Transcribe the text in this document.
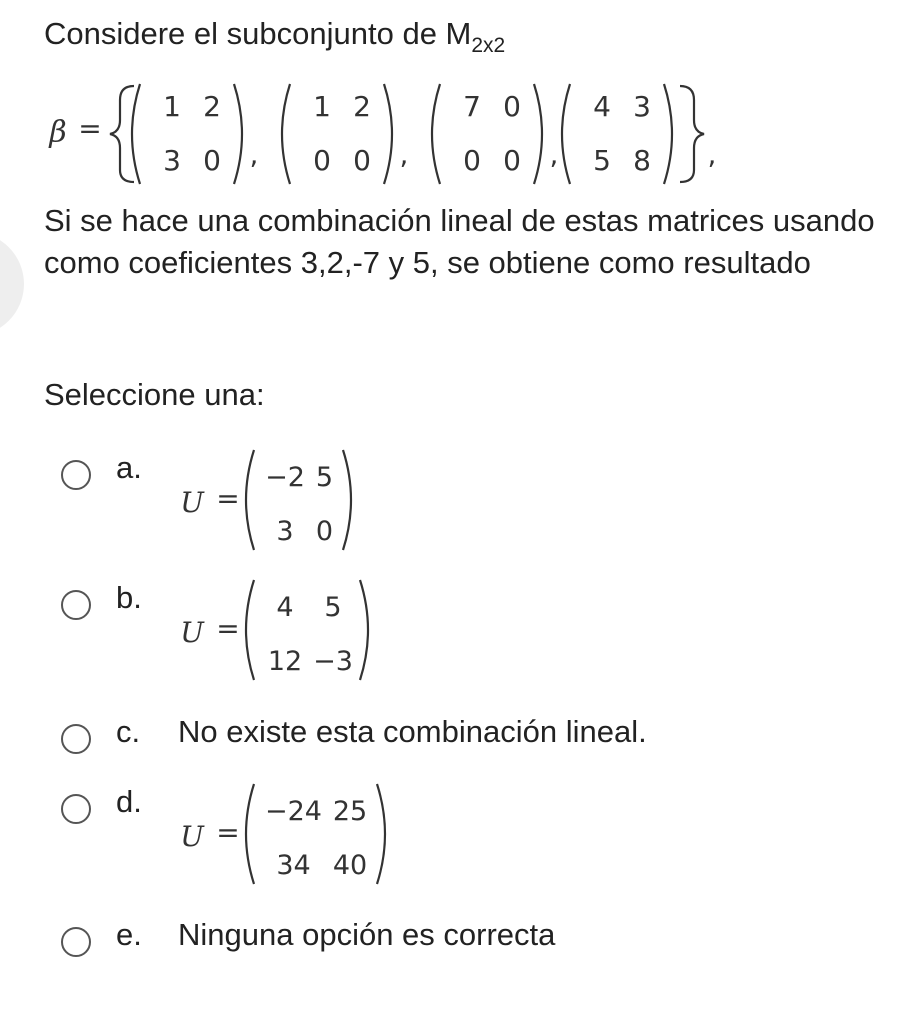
Considere el subconjunto de $M_{2x2}$
β =
1 2
3 0 ,
1 2
0 0 ,
7 0
0 0 ,
4 3
5 8 ,
Si se hace una combinación lineal de estas matrices usando como coeficientes 3,2,-7 y 5, se obtiene como resultado
Seleccione una:
a.
U =
−2 5
3 0
b.
U =
4 5
12 −3
c. No existe esta combinación lineal.
d.
U =
−24 25
34 40
e. Ninguna opción es correcta
